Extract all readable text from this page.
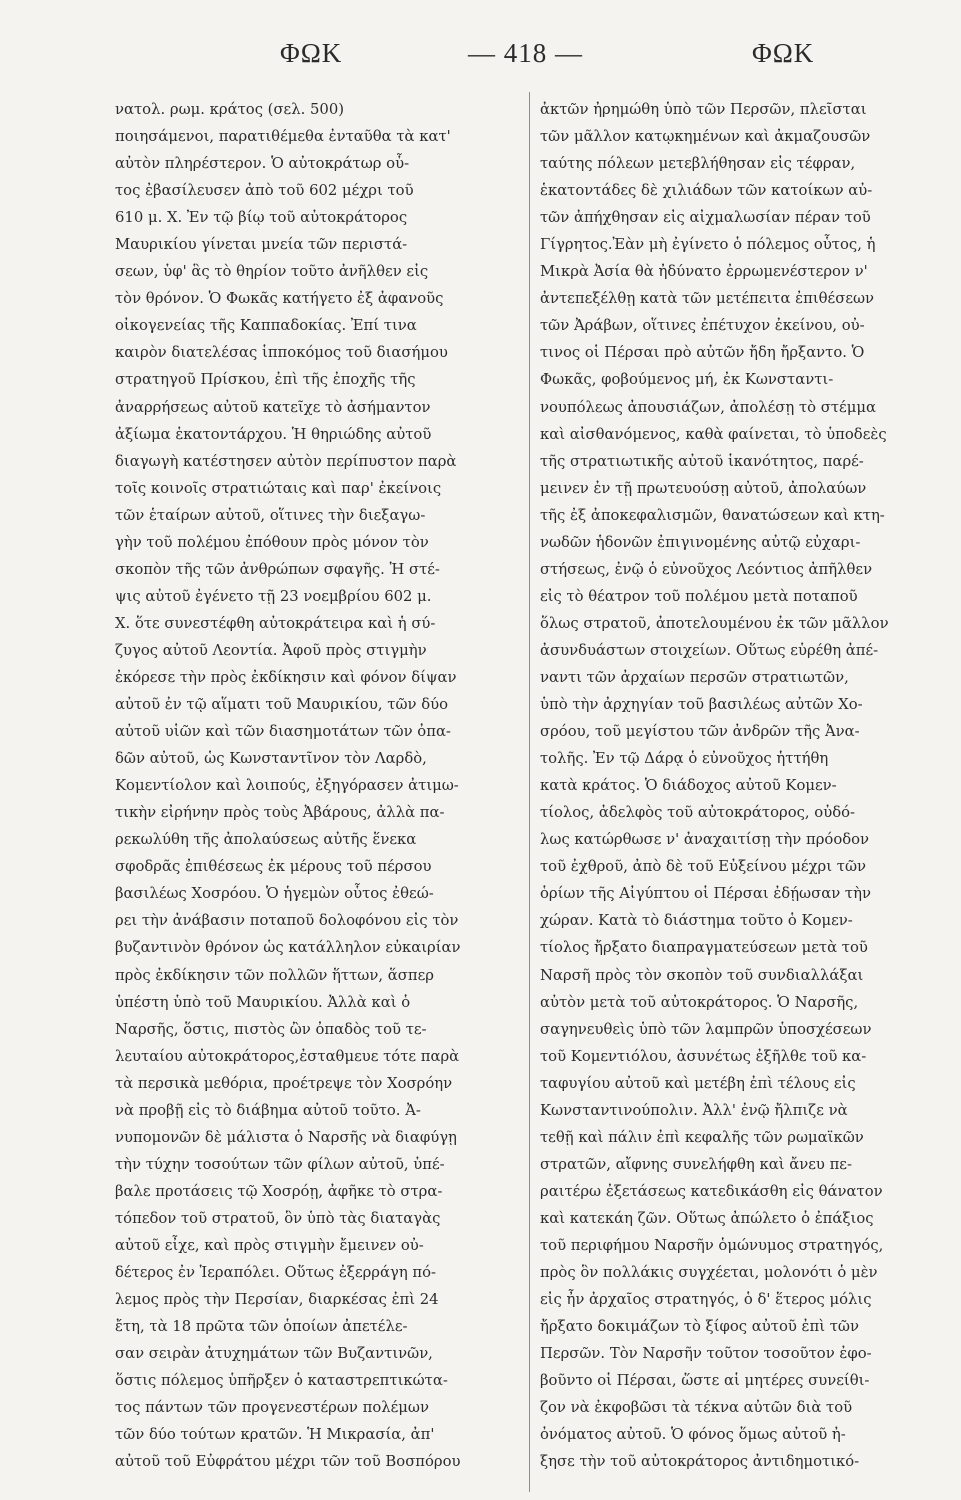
ΦΩΚ	— 418 —	ΦΩΚ
νατολ. ρωμ. κράτος (σελ. 500)
ποιησάμενοι, παρατιθέμεθα ἐνταῦθα τὰ κατ'
αὐτὸν πληρέστερον. Ὁ αὐτοκράτωρ οὗ-
τος ἐβασίλευσεν ἀπὸ τοῦ 602 μέχρι τοῦ
610 μ. Χ. Ἐν τῷ βίῳ τοῦ αὐτοκράτορος
Μαυρικίου γίνεται μνεία τῶν περιστά-
σεων, ὑφ' ἃς τὸ θηρίον τοῦτο ἀνῆλθεν εἰς
τὸν θρόνον. Ὁ Φωκᾶς κατήγετο ἐξ ἀφανοῦς
οἰκογενείας τῆς Καππαδοκίας. Ἐπί τινα
καιρὸν διατελέσας ἱπποκόμος τοῦ διασήμου
στρατηγοῦ Πρίσκου, ἐπὶ τῆς ἐποχῆς τῆς
ἀναρρήσεως αὐτοῦ κατεῖχε τὸ ἀσήμαντον
ἀξίωμα ἑκατοντάρχου. Ἡ θηριώδης αὐτοῦ
διαγωγὴ κατέστησεν αὐτὸν περίπυστον παρὰ
τοῖς κοινοῖς στρατιώταις καὶ παρ' ἐκείνοις
τῶν ἑταίρων αὐτοῦ, οἵτινες τὴν διεξαγω-
γὴν τοῦ πολέμου ἐπόθουν πρὸς μόνον τὸν
σκοπὸν τῆς τῶν ἀνθρώπων σφαγῆς. Ἡ στέ-
ψις αὐτοῦ ἐγένετο τῇ 23 νοεμβρίου 602 μ.
Χ. ὅτε συνεστέφθη αὐτοκράτειρα καὶ ἡ σύ-
ζυγος αὐτοῦ Λεοντία. Ἀφοῦ πρὸς στιγμὴν
ἐκόρεσε τὴν πρὸς ἐκδίκησιν καὶ φόνον δίψαν
αὐτοῦ ἐν τῷ αἵματι τοῦ Μαυρικίου, τῶν δύο
αὐτοῦ υἱῶν καὶ τῶν διασημοτάτων τῶν ὀπα-
δῶν αὐτοῦ, ὡς Κωνσταντῖνον τὸν Λαρδὸ,
Κομεντίολον καὶ λοιπούς, ἐξηγόρασεν ἀτιμω-
τικὴν εἰρήνην πρὸς τοὺς Ἀβάρους, ἀλλὰ πα-
ρεκωλύθη τῆς ἀπολαύσεως αὐτῆς ἕνεκα
σφοδρᾶς ἐπιθέσεως ἐκ μέρους τοῦ πέρσου
βασιλέως Χοσρόου. Ὁ ἡγεμὼν οὗτος ἐθεώ-
ρει τὴν ἀνάβασιν ποταποῦ δολοφόνου εἰς τὸν
βυζαντινὸν θρόνον ὡς κατάλληλον εὐκαιρίαν
πρὸς ἐκδίκησιν τῶν πολλῶν ἥττων, ἅσπερ
ὑπέστη ὑπὸ τοῦ Μαυρικίου. Ἀλλὰ καὶ ὁ
Ναρσῆς, ὅστις, πιστὸς ὢν ὀπαδὸς τοῦ τε-
λευταίου αὐτοκράτορος,ἐσταθμευε τότε παρὰ
τὰ περσικὰ μεθόρια, προέτρεψε τὸν Χοσρόην
νὰ προβῇ εἰς τὸ διάβημα αὐτοῦ τοῦτο. Ἀ-
νυπομονῶν δὲ μάλιστα ὁ Ναρσῆς νὰ διαφύγῃ
τὴν τύχην τοσούτων τῶν φίλων αὐτοῦ, ὑπέ-
βαλε προτάσεις τῷ Χοσρόῃ, ἀφῆκε τὸ στρα-
τόπεδον τοῦ στρατοῦ, ὃν ὑπὸ τὰς διαταγὰς
αὐτοῦ εἶχε, καὶ πρὸς στιγμὴν ἔμεινεν οὐ-
δέτερος ἐν Ἱεραπόλει. Οὕτως ἐξερράγη πό-
λεμος πρὸς τὴν Περσίαν, διαρκέσας ἐπὶ 24
ἔτη, τὰ 18 πρῶτα τῶν ὁποίων ἀπετέλε-
σαν σειρὰν ἀτυχημάτων τῶν Βυζαντινῶν,
ὅστις πόλεμος ὑπῆρξεν ὁ καταστρεπτικώτα-
τος πάντων τῶν προγενεστέρων πολέμων
τῶν δύο τούτων κρατῶν. Ἡ Μικρασία, ἀπ'
αὐτοῦ τοῦ Εὐφράτου μέχρι τῶν τοῦ Βοσπόρου
ἀκτῶν ἠρημώθη ὑπὸ τῶν Περσῶν, πλεῖσται
τῶν μᾶλλον κατῳκημένων καὶ ἀκμαζουσῶν
ταύτης πόλεων μετεβλήθησαν εἰς τέφραν,
ἑκατοντάδες δὲ χιλιάδων τῶν κατοίκων αὐ-
τῶν ἀπήχθησαν εἰς αἰχμαλωσίαν πέραν τοῦ
Γίγρητος.Ἐὰν μὴ ἐγίνετο ὁ πόλεμος οὗτος, ἡ
Μικρὰ Ἀσία θὰ ἠδύνατο ἐρρωμενέστερον ν'
ἀντεπεξέλθῃ κατὰ τῶν μετέπειτα ἐπιθέσεων
τῶν Ἀράβων, οἵτινες ἐπέτυχον ἐκείνου, οὐ-
τινος οἱ Πέρσαι πρὸ αὐτῶν ἤδη ἤρξαντο. Ὁ
Φωκᾶς, φοβούμενος μή, ἐκ Κωνσταντι-
νουπόλεως ἀπουσιάζων, ἀπολέσῃ τὸ στέμμα
καὶ αἰσθανόμενος, καθὰ φαίνεται, τὸ ὑποδεὲς
τῆς στρατιωτικῆς αὐτοῦ ἱκανότητος, παρέ-
μεινεν ἐν τῇ πρωτευούσῃ αὐτοῦ, ἀπολαύων
τῆς ἐξ ἀποκεφαλισμῶν, θανατώσεων καὶ κτη-
νωδῶν ἡδονῶν ἐπιγινομένης αὐτῷ εὐχαρι-
στήσεως, ἐνῷ ὁ εὐνοῦχος Λεόντιος ἀπῆλθεν
εἰς τὸ θέατρον τοῦ πολέμου μετὰ ποταποῦ
ὅλως στρατοῦ, ἀποτελουμένου ἐκ τῶν μᾶλλον
ἀσυνδυάστων στοιχείων. Οὕτως εὑρέθη ἀπέ-
ναντι τῶν ἀρχαίων περσῶν στρατιωτῶν,
ὑπὸ τὴν ἀρχηγίαν τοῦ βασιλέως αὐτῶν Χο-
σρόου, τοῦ μεγίστου τῶν ἀνδρῶν τῆς Ἀνα-
τολῆς. Ἐν τῷ Δάρᾳ ὁ εὐνοῦχος ἡττήθη
κατὰ κράτος. Ὁ διάδοχος αὐτοῦ Κομεν-
τίολος, ἀδελφὸς τοῦ αὐτοκράτορος, οὐδό-
λως κατώρθωσε ν' ἀναχαιτίσῃ τὴν πρόοδον
τοῦ ἐχθροῦ, ἀπὸ δὲ τοῦ Εὐξείνου μέχρι τῶν
ὁρίων τῆς Αἰγύπτου οἱ Πέρσαι ἐδῄωσαν τὴν
χώραν. Κατὰ τὸ διάστημα τοῦτο ὁ Κομεν-
τίολος ἤρξατο διαπραγματεύσεων μετὰ τοῦ
Ναρσῆ πρὸς τὸν σκοπὸν τοῦ συνδιαλλάξαι
αὐτὸν μετὰ τοῦ αὐτοκράτορος. Ὁ Ναρσῆς,
σαγηνευθεὶς ὑπὸ τῶν λαμπρῶν ὑποσχέσεων
τοῦ Κομεντιόλου, ἀσυνέτως ἐξῆλθε τοῦ κα-
ταφυγίου αὐτοῦ καὶ μετέβη ἐπὶ τέλους εἰς
Κωνσταντινούπολιν. Ἀλλ' ἐνῷ ἤλπιζε νὰ
τεθῇ καὶ πάλιν ἐπὶ κεφαλῆς τῶν ρωμαϊκῶν
στρατῶν, αἴφνης συνελήφθη καὶ ἄνευ πε-
ραιτέρω ἐξετάσεως κατεδικάσθη εἰς θάνατον
καὶ κατεκάη ζῶν. Οὕτως ἀπώλετο ὁ ἐπάξιος
τοῦ περιφήμου Ναρσῆν ὁμώνυμος στρατηγός,
πρὸς ὃν πολλάκις συγχέεται, μολονότι ὁ μὲν
εἰς ἦν ἀρχαῖος στρατηγός, ὁ δ' ἕτερος μόλις
ἤρξατο δοκιμάζων τὸ ξίφος αὐτοῦ ἐπὶ τῶν
Περσῶν. Τὸν Ναρσῆν τοῦτον τοσοῦτον ἐφο-
βοῦντο οἱ Πέρσαι, ὥστε αἱ μητέρες συνείθι-
ζον νὰ ἐκφοβῶσι τὰ τέκνα αὐτῶν διὰ τοῦ
ὀνόματος αὐτοῦ. Ὁ φόνος ὅμως αὐτοῦ ἠ-
ξησε τὴν τοῦ αὐτοκράτορος ἀντιδημοτικό-
